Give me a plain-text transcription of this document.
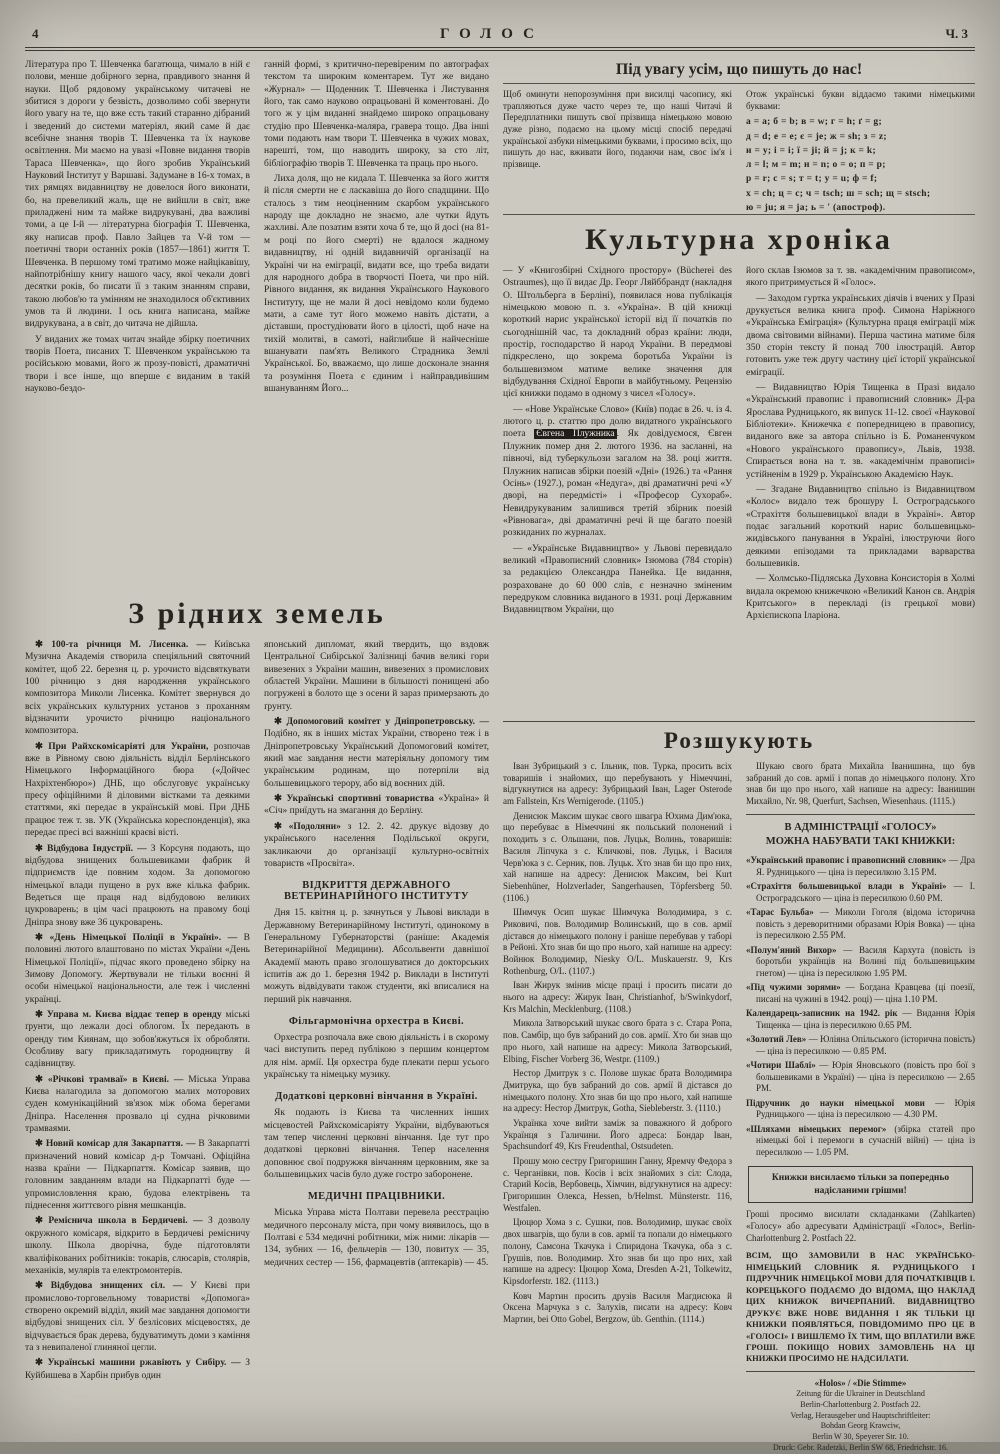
4	ГОЛОС	Ч. 3

Література про Т. Шевченка багатюща, чимало в ній є полови, менше добірного зерна, правдивого знання й науки. Щоб рядовому українському читачеві не збитися з дороги у безвість, дозволимо собі звернути його увагу на те, що вже єсть такий старанно дібраний і зведений до системи матеріял, який саме й дає всебічне знання творів Т. Шевченка та їх наукове освітлення. Ми маємо на увазі «Повне видання творів Тараса Шевченка», що його зробив Український Науковий Інститут у Варшаві. Задумане в 16-х томах, в тих рямцях видавництву не довелося його виконати, бо, на превеликий жаль, ще не вийшли в світ, вже приладжені ним та майже видрукувані, два важливі томи, а це І-й — літературна біографія Т. Шевченка, яку написав проф. Павло Зайцев та V-й том — поетичні твори останніх років (1857—1861) життя Т. Шевченка. В першому томі тратимо може найцікавішу, найпотрібнішу книгу нашого часу, якої чекали довгі десятки років, бо писати її з таким знанням справи, такою любов'ю та умінням не знаходилося об'єктивних умов та й людини. І ось книга написана, майже видрукувана, а в світ, до читача не дійшла.

У виданих же томах читач знайде збірку поетичних творів Поета, писаних Т. Шевченком українською та російською мовами, його ж прозу-повісті, драматичні твори і все інше, що вперше є виданим в такій науково-бездо-

ганній формі, з критично-перевіреним по автографах текстом та широким коментарем. Тут же видано «Журнал» — Щоденник Т. Шевченка і Листування його, так само науково опрацьовані й коментовані. До того ж у цім виданні знайдемо широко опрацьовану студію про Шевченка-маляра, гравера тощо. Два інші томи подають нам твори Т. Шевченка в чужих мовах, нарешті, том, що наводить широку, за сто літ, бібліографію творів Т. Шевченка та праць про нього.

Лиха доля, що не кидала Т. Шевченка за його життя й після смерти не є ласкавіша до його спадщини. Що сталось з тим неоціненним скарбом українського народу ще докладно не знаємо, але чутки йдуть жахливі. Але позатим взяти хоча б те, що й досі (на 81-м році по його смерті) не вдалося жадному видавництву, ні одній видавничій організації на Україні чи на еміграції, видати все, що треба видати для народного добра в творчості Поета, чи про ній. Рівного видання, як видання Українського Наукового Інституту, ще не мали й досі невідомо коли будемо мати, а саме тут його можемо навіть дістати, а діставши, простудіювати його в цілості, щоб наче на тихій молитві, в самоті, найглибше й найчесніше вшанувати пам'ять Великого Страдника Землі Української. Бо, вважаємо, що лише досконале знання та розуміння Поета є єдиним і найправдивішим вшануванням Його...

З рідних земель

✱ 100-та річниця М. Лисенка. — Київська Музична Академія створила спеціяльний святочний комітет, щоб 22. березня ц. р. урочисто відсвяткувати 100 річницю з дня народження українського композитора Миколи Лисенка. Комітет звернувся до всіх українських культурних установ з проханням відзначити урочисто річницю національного композитора.

✱ При Райхскомісаріяті для України, розпочав вже в Рівному свою діяльність відділ Берлінського Німецького Інформаційного бюра («Дойчес Нахріхтенбюро») ДНБ, що обслуговує українську пресу офіційними й діловими вістками та деякими статтями, які передає в українській мові. При ДНБ працює теж т. зв. УК (Українська кореспонденція), яка передає пресі всі важніші краєві вісті.

✱ Відбудова Індустрії. — З Корсуня подають, що відбудова знищених большевиками фабрик й підприємств іде повним ходом. За допомогою німецької влади пущено в рух вже кілька фабрик. Ведеться ще праця над відбудовою великих цукроварень; в цім часі працюють на правому боці Дніпра знову вже 36 цукроварень.

✱ «День Німецької Поліції в Україні». — В половині лютого влаштовано по містах України «День Німецької Поліції», підчас якого проведено збірку на Зимову Допомогу. Жертвували не тільки воєнні й особи німецької національности, але теж і численні українці.

✱ Управа м. Києва віддає тепер в оренду міські ґрунти, що лежали досі облогом. Їх передають в оренду тим Киянам, що зобов'яжуться їх обробляти. Особливу вагу прикладатимуть городництву й садівництву.

✱ «Річкові трамваї» в Києві. — Міська Управа Києва налагодила за допомогою малих моторових суден комунікаційний зв'язок між обома берегами Дніпра. Населення прозвало ці судна річковими трамваями.

✱ Новий комісар для Закарпаття. — В Закарпатті призначений новий комісар д-р Томчані. Офіційна назва країни — Підкарпаття. Комісар заявив, що головним завданням влади на Підкарпатті буде — упромисловлення краю, будова електрівень та піднесення життєвого рівня мешканців.

✱ Реміснича школа в Бердичеві. — З дозволу окружного комісаря, відкрито в Бердичеві ремісничу школу. Школа дворічна, буде підготовляти кваліфікованих робітників: токарів, слюсарів, столярів, механіків, мулярів та електромонтерів.

✱ Відбудова знищених сіл. — У Києві при промислово-торговельному товаристві «Допомога» створено окремий відділ, який має завдання допомогти відбудові знищених сіл. У безлісових місцевостях, де відчувається брак дерева, будуватимуть доми з каміння та з невипаленої глиняної цегли.

✱ Українські машини ржавіють у Сибіру. — З Куйбишева в Харбін прибув один

японський дипломат, який твердить, що вздовж Центральної Сибірської Залізниці бачив великі гори вивезених з України машин, вивезених з промислових областей України. Машини в більшості понищені або погружені в болото ще з осени й зараз примерзають до ґрунту.

✱ Допомоговий комітет у Дніпропетровську. — Подібно, як в інших містах України, створено теж і в Дніпропетровську Український Допомоговий комітет, який має завдання нести матеріяльну допомогу тим українським родинам, що потерпіли від большевицького терору, або від воєнних дій.

✱ Українські спортивні товариства «Україна» й «Січ» приїдуть на змагання до Берліну.

✱ «Подоляни» з 12. 2. 42. друкує відозву до українського населення Подільської округи, закликаючи до організації культурно-освітніх товариств «Просвіта».

ВІДКРИТТЯ ДЕРЖАВНОГО ВЕТЕРИНАРІЙНОГО ІНСТИТУТУ

Дня 15. квітня ц. р. зачнуться у Львові виклади в Державному Ветеринарійному Інституті, одинокому в Генеральному Губернаторстві (раніше: Академія Ветеринарійної Медицини). Абсольвенти давнішої Академії мають право зголошуватися до докторських іспитів аж до 1. березня 1942 р. Виклади в Інституті можуть відвідувати також студенти, які вписалися на перший рік навчання.

Фільгармонічна орхестра в Києві.

Орхестра розпочала вже свою діяльність і в скорому часі виступить перед публікою з першим концертом для нім. армії. Ця орхестра буде плекати перш усього українську та німецьку музику.

Додаткові церковні вінчання в Україні.

Як подають із Києва та численних інших місцевостей Райхскомісаріяту України, відбуваються там тепер численні церковні вінчання. Іде тут про додаткові церковні вінчання. Тепер населення доповнює свої подружжя вінчанням церковним, яке за большевицьких часів було дуже гостро заборонене.

МЕДИЧНІ ПРАЦІВНИКИ.

Міська Управа міста Полтави перевела реєстрацію медичного персоналу міста, при чому виявилось, що в Полтаві є 534 медичні робітники, між ними: лікарів — 134, зубних — 16, фельчерів — 130, повитух — 35, медичних сестер — 156, фармацевтів (аптекарів) — 45.

Під увагу усім, що пишуть до нас!

Щоб оминути непорозуміння при висилці часопису, які трапляються дуже часто через те, що наші Читачі й Передплатники пишуть свої прізвища німецькою мовою дуже різно, подаємо на цьому місці спосіб передачі української азбуки німецькими буквами, і просимо всіх, що пишуть до нас, вживати його, подаючи нам, своє ім'я і прізвище.

Отож українські букви віддаємо такими німецькими буквами:

а = a; б = b; в = w; г = h; ґ = g;
д = d; е = e; є = je; ж = sh; з = z;
и = y; і = i; ї = ji; й = j; к = k;
л = l; м = m; н = n; о = o; п = p;
р = r; с = s; т = t; у = u; ф = f;
х = ch; ц = c; ч = tsch; ш = sch; щ = stsch;
ю = ju; я = ja; ь = ' (апостроф).
Культурна хроніка

— У «Книгозбірні Східного простору» (Bücherei des Ostraumes), що її видає Др. Георг Ляйббрандт (накладня О. Штольберга в Берліні), появилася нова публікація німецькою мовою п. з. «Україна». В цій книжці короткий нарис української історії від її початків по сьогоднішній час, та докладний образ країни: люди, простір, господарство й народ України. В передмові підкреслено, що зокрема боротьба України із большевизмом матиме велике значення для відбудування Східної Европи в майбутньому. Рецензію цієї книжки подамо в одному з чисел «Голосу».

— «Нове Українське Слово» (Київ) подає в 26. ч. із 4. лютого ц. р. статтю про долю видатного українського поета Євгена Плужника . Як довідуємося, Євген Плужник помер дня 2. лютого 1936. на засланні, на півночі, від туберкульози загалом на 38. році життя. Плужник написав збірки поезій «Дні» (1926.) та «Рання Осінь» (1927.), роман «Недуга», дві драматичні речі «У дворі, на передмісті» і «Професор Сухораб». Невидрукуваним залишився третій збірник поезій «Рівновага», дві драматичні речі й ще багато поезій розкиданих по журналах.

— «Українське Видавництво» у Львові перевидало великий «Правописний словник» Ізюмова (784 сторін) за редакцією Олександра Панейка. Це видання, розраховане до 60 000 слів, є незначно зміненим передруком словника виданого в 1931. році Державним Видавництвом України, що

його склав Ізюмов за т. зв. «академічним правописом», якого притримується й «Голос».

— Заходом гуртка українських діячів і вчених у Празі друкується велика книга проф. Симона Наріжного «Українська Еміграція» (Культурна праця еміграції між двома світовими війнами). Перша частина матиме біля 350 сторін тексту й понад 700 ілюстрацій. Автор готовить уже теж другу частину цієї історії української еміграції.

— Видавництво Юрія Тищенка в Празі видало «Український правопис і правописний словник» Д-ра Ярослава Рудницького, як випуск 11-12. своєї «Наукової Бібліотеки». Книжечка є попередницею в правопису, виданого вже за автора спільно із Б. Романенчуком «Нового українського правопису», Львів, 1938. Спирається вона на т. зв. «академічнім правописі» устійненім в 1929 р. Українською Академією Наук.

— Згадане Видавництво спільно із Видавництвом «Колос» видало теж брошуру І. Остроградського «Страхіття большевицької влади в Україні». Автор подає загальний короткий нарис большевицько-жидівського панування в Україні, ілюструючи його деякими епізодами та прикладами варварства большевиків.

— Холмсько-Підляська Духовна Консисторія в Холмі видала окремою книжечкою «Великий Канон св. Андрія Критського» в перекладі (із грецької мови) Архієпископа Іларіона.

Розшукують

Іван Зубрицький з с. Ільник, пов. Турка, просить всіх товаришів і знайомих, що перебувають у Німеччині, відгукнутися на адресу: Зубрицький Іван, Lager Osterode am Fallstein, Krs Wernigerode. (1105.)

Денисюк Максим шукає свого швагра Юхима Дим'юка, що перебуває в Німеччині як польський полонений і походить з с. Ольшани, пов. Луцьк, Волинь, товаришів: Василя Ліпчука з с. Кличкові, пов. Луцьк, і Василя Черв'юка з с. Серник, пов. Луцьк. Хто знав би що про них, хай напише на адресу: Денисюк Максим, bei Kurt Siebenhüner, Holzverlader, Sangerhausen, Töpfersberg 50. (1106.)

Шимчук Осип шукає Шимчука Володимира, з с. Риковичі, пов. Володимир Волинський, що в сов. армії дістався до німецького полону і раніше перебував у таборі в Рейоні. Хто знав би що про нього, хай напише на адресу: Войнюк Володимир, Niesky O/L. Muskauerstr. 9, Krs Rothenburg, O/L. (1107.)

Іван Жирук змінив місце праці і просить писати до нього на адресу: Жирук Іван, Christianhof, b/Swinkydorf, Krs Malchin, Mecklenburg. (1108.)

Микола Затворський шукає свого брата з с. Стара Ропа, пов. Самбір, що був забраний до сов. армії. Хто би знав що про нього, хай напише на адресу: Микола Затворський, Elbing, Fischer Vorberg 36, Westpr. (1109.)

Нестор Дмитрук з с. Полове шукає брата Володимира Дмитрука, що був забраний до сов. армії й дістався до німецького полону. Хто знав би що про нього, хай напише на адресу: Нестор Дмитрук, Gotha, Siebleberstr. 3. (1110.)

Українка хоче вийти заміж за поважного й доброго Українця з Галичини. Його адреса: Бондар Іван, Spachsundorf 49, Krs Freudenthal, Ostsudeten.

Прошу мою сестру Григоришин Ганну, Яремчу Федора з с. Черганівки, пов. Косів і всіх знайомих з сіл: Слода, Старий Косів, Вербовець, Хімчин, відгукнутися на адресу: Григоришин Олекса, Hessen, b/Helmst. Münsterstr. 116, Westfalen.

Цюцюр Хома з с. Сушки, пов. Володимир, шукає своїх двох швагрів, що були в сов. армії та попали до німецького полону, Самсона Ткачука і Спиридона Ткачука, оба з с. Грушів, пов. Володимир. Хто знав би що про них, хай напише на адресу: Цюцюр Хома, Dresden A-21, Tolkewitz, Kipsdorferstr. 182. (1113.)

Ковч Мартин просить друзів Василя Магдисюка й Оксена Марчука з с. Залухів, писати на адресу: Ковч Мартин, bei Otto Gobel, Bergzow, üb. Genthin. (1114.)

Шукаю свого брата Михайла Іванишина, що був забраний до сов. армії і попав до німецького полону. Хто знав би що про нього, хай напише на адресу: Іванишин Михайло, Nr. 98, Querfurt, Sachsen, Wiesenhaus. (1115.)

В АДМІНІСТРАЦІЇ «ГОЛОСУ»
МОЖНА НАБУВАТИ ТАКІ КНИЖКИ:

«Український правопис і правописний словник» — Дра Я. Рудницького — ціна із пересилкою 3.15 РМ.

«Страхіття большевицької влади в Україні» — І. Остроградського — ціна із пересилкою 0.60 РМ.

«Тарас Бульба» — Миколи Гоголя (відома історична повість з дереворитними образами Юрія Вовка) — ціна із пересилкою 2.55 РМ.

«Полум'яний Вихор» — Василя Кархута (повість із боротьби українців на Волині під большевицьким гнетом) — ціна із пересилкою 1.95 РМ.

«Під чужими зорями» — Богдана Кравцева (ці поезії, писані на чужині в 1942. році) — ціна 1.10 РМ.

Календарець-записник на 1942. рік — Видання Юрія Тищенка — ціна із пересилкою 0.65 РМ.

«Золотий Лев» — Юліяна Опільського (історична повість) — ціна із пересилкою — 0.85 РМ.

«Чотири Шаблі» — Юрія Яновського (повість про бої з большевиками в Україні) — ціна із пересилкою — 2.65 РМ.

Підручник до науки німецької мови — Юрія Рудницького — ціна із пересилкою — 4.30 РМ.

«Шляхами німецьких перемог» (збірка статей про німецькі бої і перемоги в сучасній війні) — ціна із пересилкою — 1.05 РМ.

Книжки висилаємо тільки за попередньо надісланими грішми!

Гроші просимо висилати складанками (Zahlkarten) «Голосу» або адресувати Адміністрації «Голос», Berlin-Charlottenburg 2. Postfach 22.

ВСІМ, ЩО ЗАМОВИЛИ В НАС УКРАЇНСЬКО-НІМЕЦЬКИЙ СЛОВНИК Я. РУДНИЦЬКОГО І ПІДРУЧНИК НІМЕЦЬКОЇ МОВИ ДЛЯ ПОЧАТКІВЦІВ І. КОРЕЦЬКОГО ПОДАЄМО ДО ВІДОМА, ЩО НАКЛАД ЦИХ КНИЖОК ВИЧЕРПАНИЙ. ВИДАВНИЦТВО ДРУКУЄ ВЖЕ НОВЕ ВИДАННЯ І ЯК ТІЛЬКИ ЦІ КНИЖКИ ПОЯВЛЯТЬСЯ, ПОВІДОМИМО ПРО ЦЕ В «ГОЛОСІ» І ВИШЛЕМО ЇХ ТИМ, ЩО ВПЛАТИЛИ ВЖЕ ГРОШІ. ПОКИЩО НОВИХ ЗАМОВЛЕНЬ НА ЦІ КНИЖКИ ПРОСИМО НЕ НАДСИЛАТИ.

«Holos» / «Die Stimme»
Zeitung für die Ukrainer in Deutschland
Berlin-Charlottenburg 2. Postfach 22.
Verlag, Herausgeber und Hauptschriftleiter:
Bohdan Georg Krawciw,
Berlin W 30, Speyerer Str. 10.
Druck: Gebr. Radetzki, Berlin SW 68, Friedrichstr. 16.
